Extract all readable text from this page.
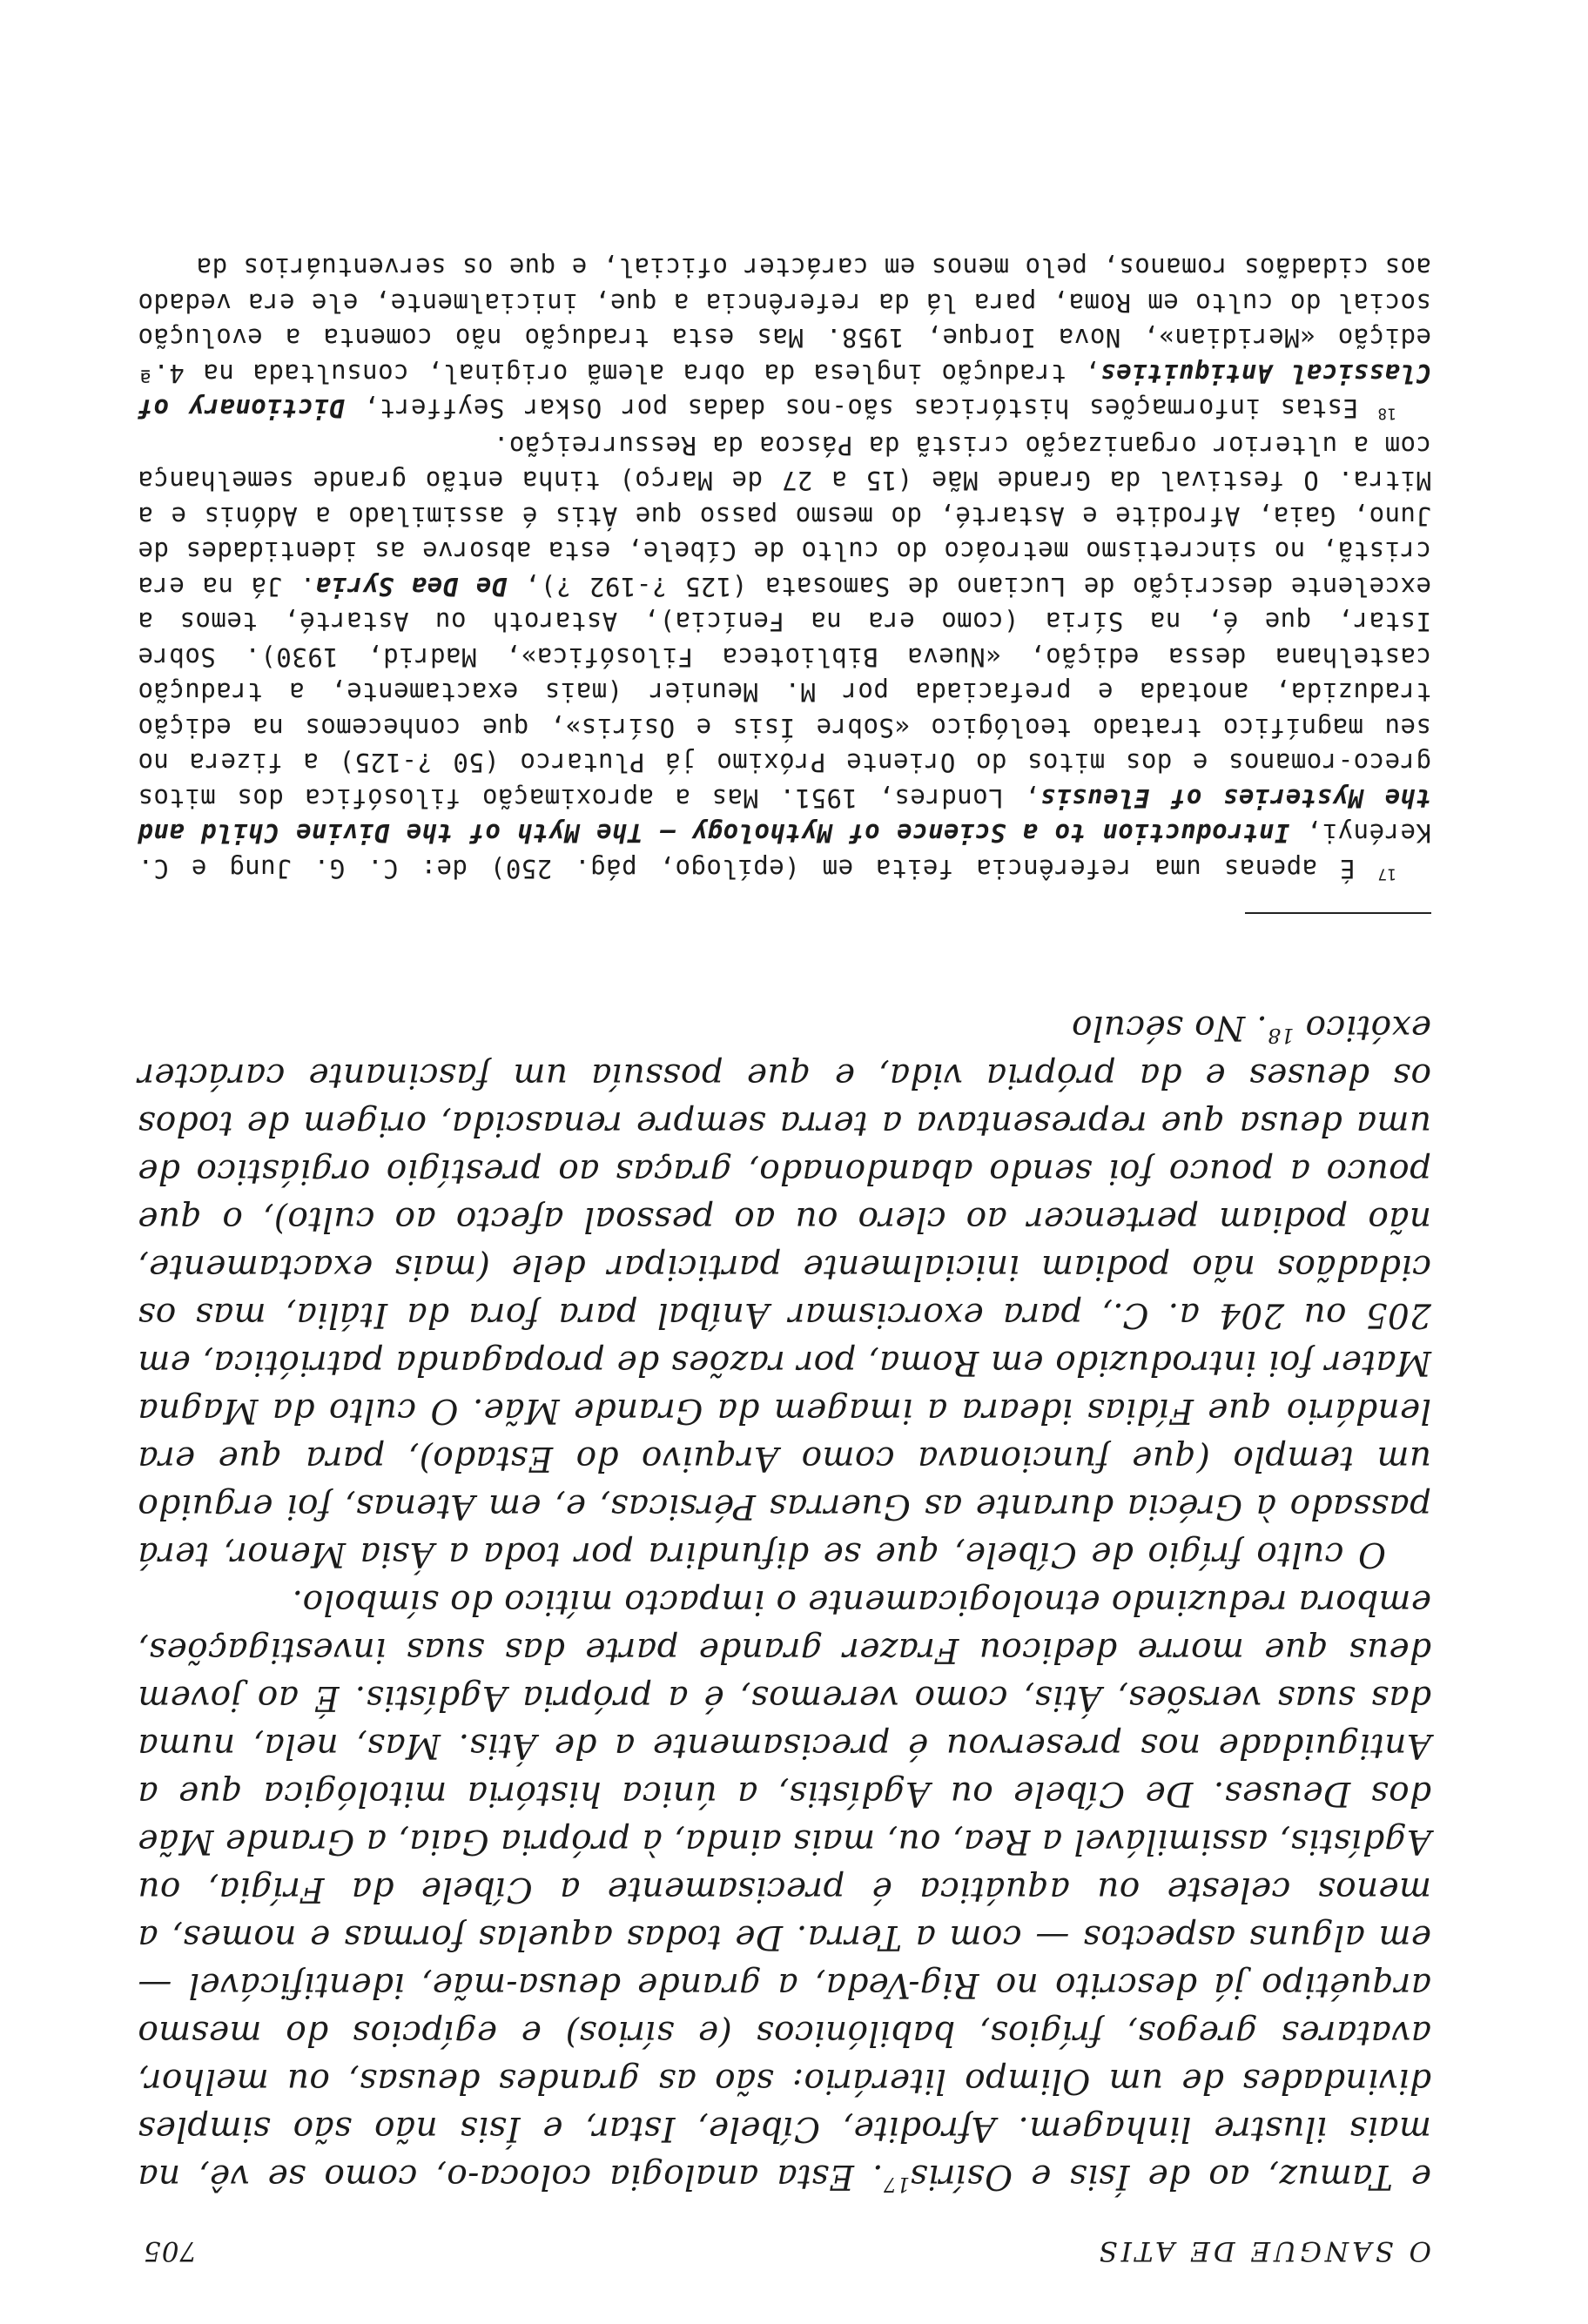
O SANGUE DE ATIS
705

e Tamuz, ao de Ísis e Osíris$^{17}$. Esta analogia coloca-o, como se vê, na mais ilustre linhagem. Afrodite, Cíbele, Istar, e Ísis não são simples divindades de um Olimpo literário: são as grandes deusas, ou melhor, avatares gregos, frígios, babilónicos (e sírios) e egípcios do mesmo arquétipo já descrito no Rig-Veda, a grande deusa-mãe, identificável — em alguns aspectos — com a Terra. De todas aquelas formas e nomes, a menos celeste ou aquática é precisamente a Cíbele da Frígia, ou Agdístis, assimilável a Rea, ou, mais ainda, à própria Gaia, a Grande Mãe dos Deuses. De Cíbele ou Agdístis, a única história mitológica que a Antiguidade nos preservou é precisamente a de Átis. Mas, nela, numa das suas versões, Átis, como veremos, é a própria Agdístis. É ao jovem deus que morre dedicou Frazer grande parte das suas investigações, embora reduzindo etnologicamente o impacto mítico do símbolo.

O culto frígio de Cíbele, que se difundira por toda a Ásia Menor, terá passado à Grécia durante as Guerras Pérsicas, e, em Atenas, foi erguido um templo (que funcionava como Arquivo do Estado), para que era lendário que Fídias ideara a imagem da Grande Mãe. O culto da Magna Mater foi introduzido em Roma, por razões de propaganda patriótica, em 205 ou 204 a. C., para exorcismar Aníbal para fora da Itália, mas os cidadãos não podiam inicialmente participar dele (mais exactamente, não podiam pertencer ao clero ou ao pessoal afecto ao culto), o que pouco a pouco foi sendo abandonado, graças ao prestígio orgiástico de uma deusa que representava a terra sempre renascida, origem de todos os deuses e da própria vida, e que possuía um fascinante carácter exótico $^{18}$. No século

$^{17}$ É apenas uma referência feita em (epílogo, pág. 250) de: C. G. Jung e C. Kerényi, Introduction to a Science of Mythology — The Myth of the Divine Child and the Mysteries of Eleusis, Londres, 1951. Mas a aproximação filosófica dos mitos greco-romanos e dos mitos do Oriente Próximo já Plutarco (50 ?-125) a fizera no seu magnífico tratado teológico «Sobre Ísis e Osíris», que conhecemos na edição traduzida, anotada e prefaciada por M. Meunier (mais exactamente, a tradução castelhana dessa edição, «Nueva Biblioteca Filosófica», Madrid, 1930). Sobre Istar, que é, na Síria (como era na Fenícia), Astaroth ou Astarté, temos a excelente descrição de Luciano de Samosata (125 ?-192 ?), De Dea Syria. Já na era cristã, no sincretismo metroáco do culto de Cíbele, esta absorve as identidades de Juno, Gaia, Afrodite e Astarté, do mesmo passo que Átis é assimilado a Adónis e a Mitra. O festival da Grande Mãe (15 a 27 de Março) tinha então grande semelhança com a ulterior organização cristã da Páscoa da Ressurreição.

$^{18}$ Estas informações históricas são-nos dadas por Oskar Seyffert, Dictionary of Classical Antiquities, tradução inglesa da obra alemã original, consultada na 4.ª edição «Meridian», Nova Iorque, 1958. Mas esta tradução não comenta a evolução social do culto em Roma, para lá da referência a que, inicialmente, ele era vedado aos cidadãos romanos, pelo menos em carácter oficial, e que os serventuários da
